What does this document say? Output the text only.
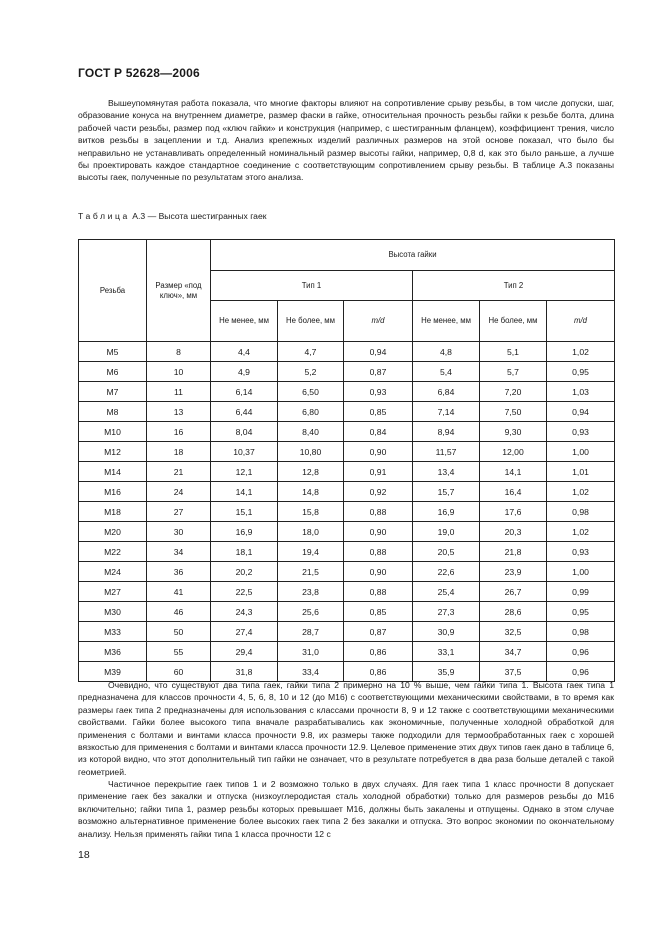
ГОСТ Р 52628—2006

Вышеупомянутая работа показала, что многие факторы влияют на сопротивление срыву резьбы, в том числе допуски, шаг, образование конуса на внутреннем диаметре, размер фаски в гайке, относительная прочность резьбы гайки к резьбе болта, длина рабочей части резьбы, размер под «ключ гайки» и конструкция (например, с шестигранным фланцем), коэффициент трения, число витков резьбы в зацеплении и т.д. Анализ крепежных изделий различных размеров на этой основе показал, что было бы неправильно не устанавливать определенный номинальный размер высоты гайки, например, 0,8 d, как это было раньше, а лучше бы проектировать каждое стандартное соединение с соответствующим сопротивлением срыву резьбы. В таблице А.3 показаны высоты гаек, полученные по результатам этого анализа.

Таблица А.3 — Высота шестигранных гаек
Резьба	Размер «под ключ», мм	Высота гайки					
		Тип 1			Тип 2		
		Не менее, мм	Не более, мм	m/d	Не менее, мм	Не более, мм	m/d
М5	8	4,4	4,7	0,94	4,8	5,1	1,02
М6	10	4,9	5,2	0,87	5,4	5,7	0,95
М7	11	6,14	6,50	0,93	6,84	7,20	1,03
М8	13	6,44	6,80	0,85	7,14	7,50	0,94
М10	16	8,04	8,40	0,84	8,94	9,30	0,93
М12	18	10,37	10,80	0,90	11,57	12,00	1,00
М14	21	12,1	12,8	0,91	13,4	14,1	1,01
М16	24	14,1	14,8	0,92	15,7	16,4	1,02
М18	27	15,1	15,8	0,88	16,9	17,6	0,98
М20	30	16,9	18,0	0,90	19,0	20,3	1,02
М22	34	18,1	19,4	0,88	20,5	21,8	0,93
М24	36	20,2	21,5	0,90	22,6	23,9	1,00
М27	41	22,5	23,8	0,88	25,4	26,7	0,99
М30	46	24,3	25,6	0,85	27,3	28,6	0,95
М33	50	27,4	28,7	0,87	30,9	32,5	0,98
М36	55	29,4	31,0	0,86	33,1	34,7	0,96
М39	60	31,8	33,4	0,86	35,9	37,5	0,96

Очевидно, что существуют два типа гаек, гайки типа 2 примерно на 10 % выше, чем гайки типа 1. Высота гаек типа 1 предназначена для классов прочности 4, 5, 6, 8, 10 и 12 (до М16) с соответствующими механическими свойствами, в то время как размеры гаек типа 2 предназначены для использования с классами прочности 8, 9 и 12 также с соответствующими механическими свойствами. Гайки более высокого типа вначале разрабатывались как экономичные, полученные холодной обработкой для применения с болтами и винтами класса прочности 9.8, их размеры также подходили для термообработанных гаек с хорошей вязкостью для применения с болтами и винтами класса прочности 12.9. Целевое применение этих двух типов гаек дано в таблице 6, из которой видно, что этот дополнительный тип гайки не означает, что в результате потребуется в два раза больше деталей с такой геометрией.

Частичное перекрытие гаек типов 1 и 2 возможно только в двух случаях. Для гаек типа 1 класс прочности 8 допускает применение гаек без закалки и отпуска (низкоуглеродистая сталь холодной обработки) только для размеров резьбы до М16 включительно; гайки типа 1, размер резьбы которых превышает М16, должны быть закалены и отпущены. Однако в этом случае возможно альтернативное применение более высоких гаек типа 2 без закалки и отпуска. Это вопрос экономии по окончательному анализу. Нельзя применять гайки типа 1 класса прочности 12 с

18
